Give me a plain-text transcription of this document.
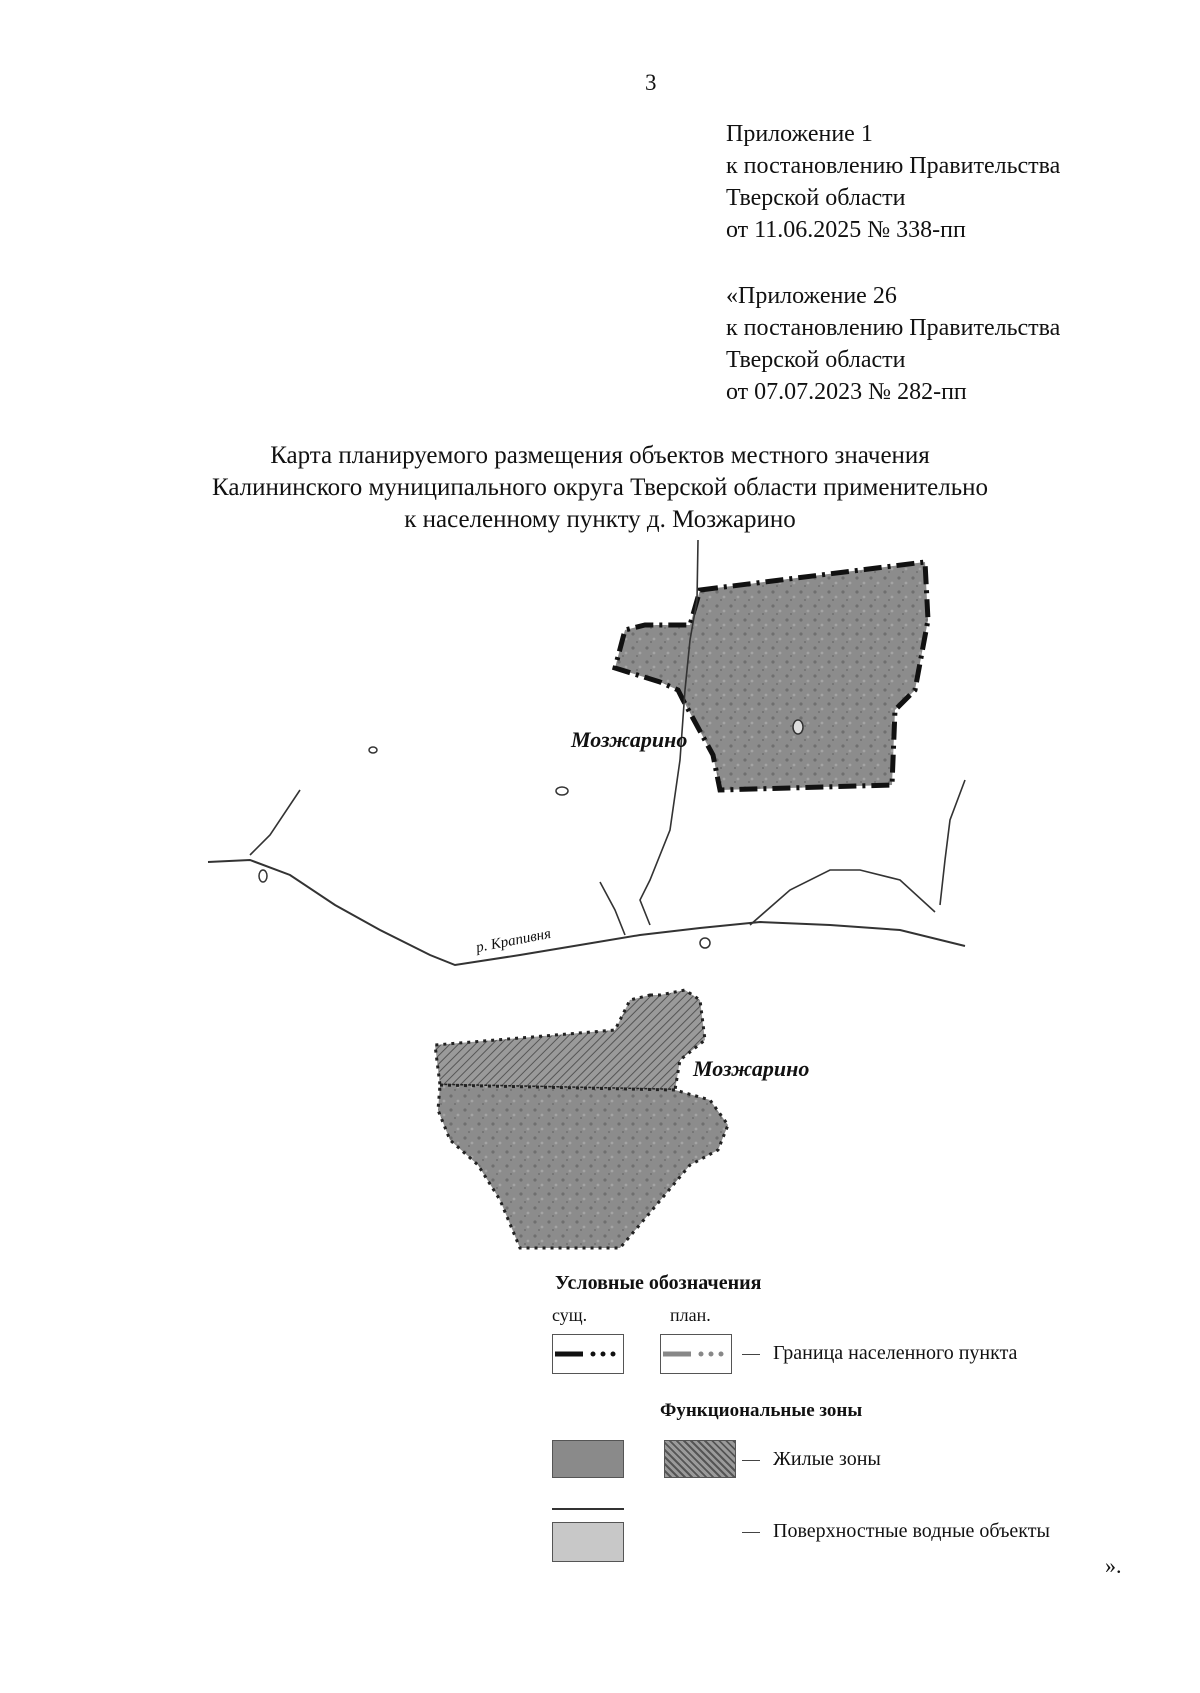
3
Приложение 1
к постановлению Правительства
Тверской области
от 11.06.2025 № 338-пп
«Приложение 26
к постановлению Правительства
Тверской области
от 07.07.2023 № 282-пп
Карта планируемого размещения объектов местного значения
Калининского муниципального округа Тверской области применительно
к населенному пункту д. Мозжарино
Мозжарино
Мозжарино
р. Крапивня
Условные обозначения
сущ.	план.
Граница населенного пункта
Функциональные зоны
Жилые зоны
Поверхностные водные объекты
».
